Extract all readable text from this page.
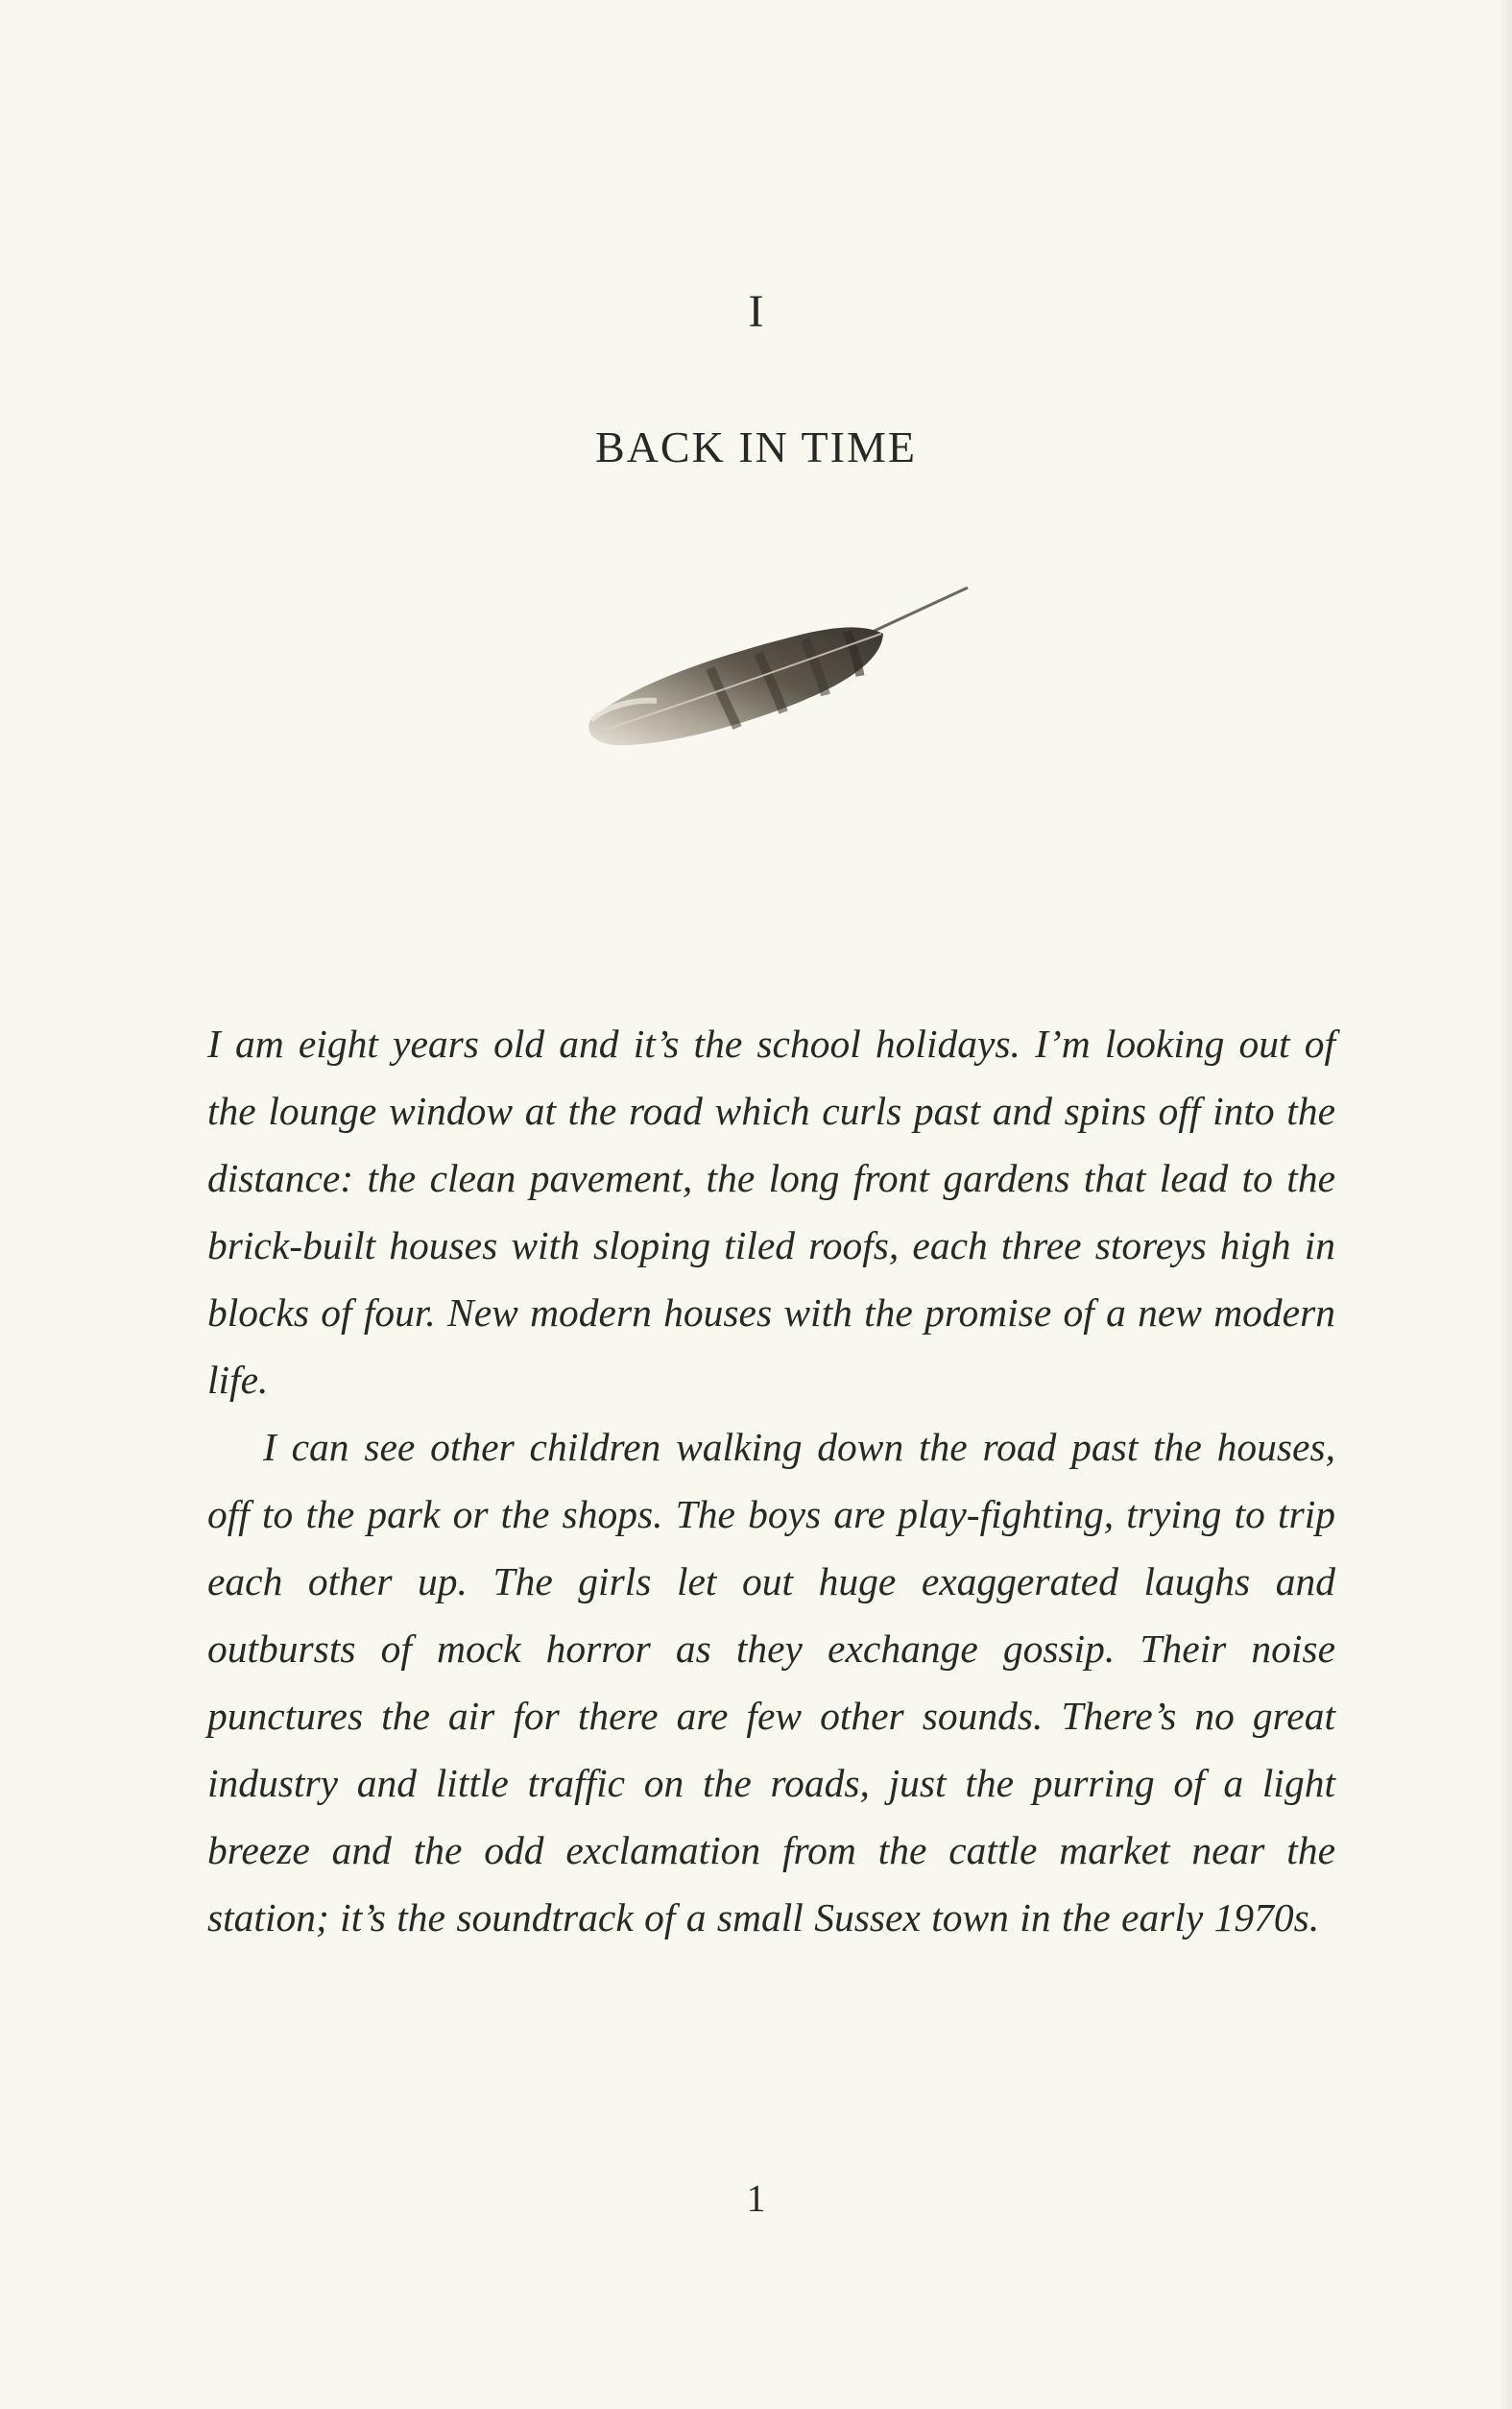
I
BACK IN TIME

I am eight years old and it’s the school holidays. I’m looking out of the lounge window at the road which curls past and spins off into the distance: the clean pavement, the long front gardens that lead to the brick-built houses with sloping tiled roofs, each three storeys high in blocks of four. New modern houses with the promise of a new modern life.

I can see other children walking down the road past the houses, off to the park or the shops. The boys are play-fighting, trying to trip each other up. The girls let out huge exaggerated laughs and outbursts of mock horror as they exchange gossip. Their noise punctures the air for there are few other sounds. There’s no great industry and little traffic on the roads, just the purring of a light breeze and the odd exclamation from the cattle market near the station; it’s the soundtrack of a small Sussex town in the early 1970s.

1
